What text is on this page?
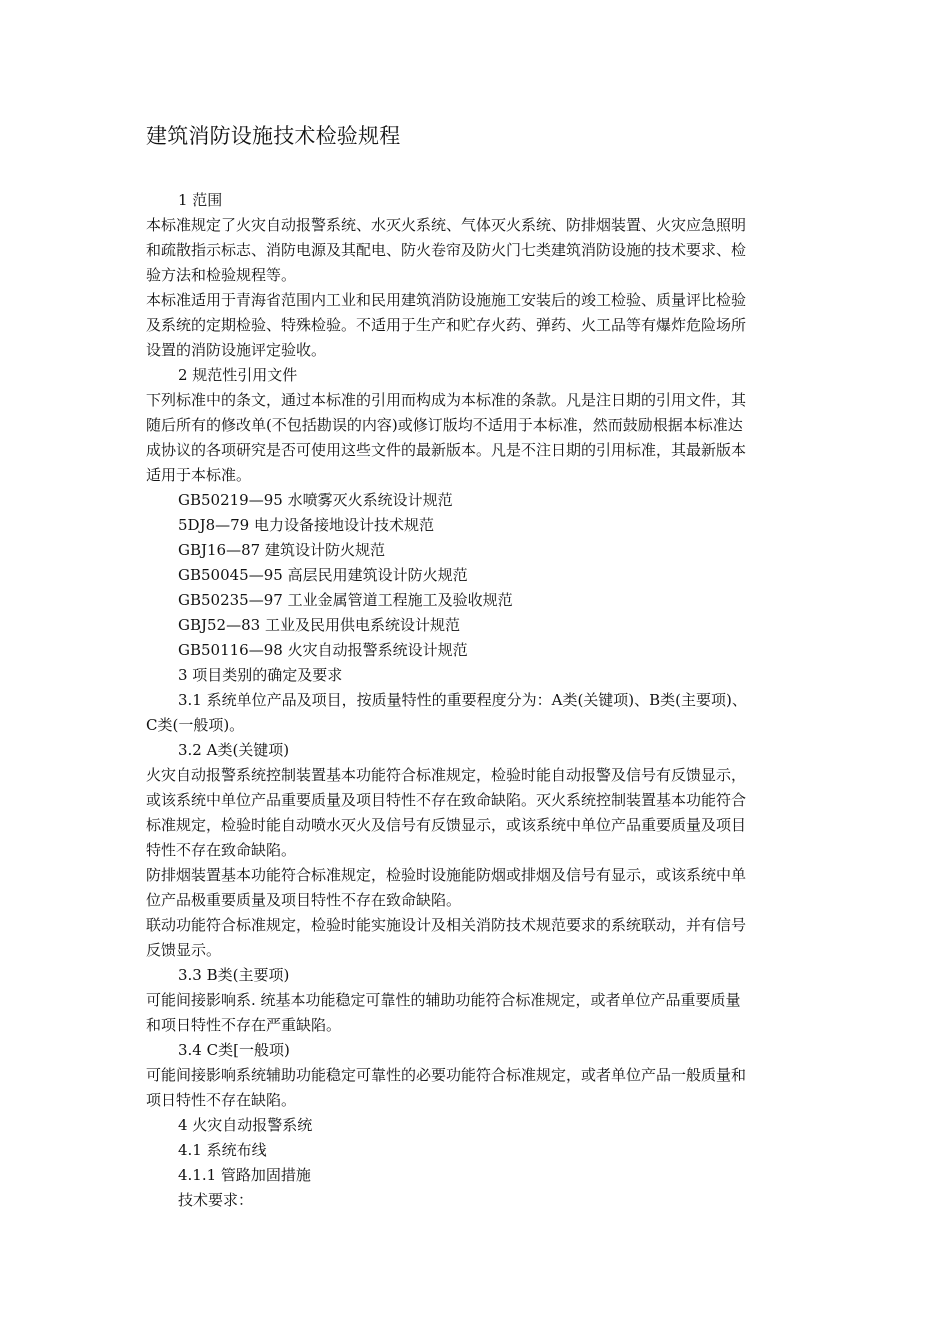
建筑消防设施技术检验规程
1 范围
本标准规定了火灾自动报警系统、水灭火系统、气体灭火系统、防排烟装置、火灾应急照明
和疏散指示标志、消防电源及其配电、防火卷帘及防火门七类建筑消防设施的技术要求、检
验方法和检验规程等。
本标准适用于青海省范围内工业和民用建筑消防设施施工安装后的竣工检验、质量评比检验
及系统的定期检验、特殊检验。不适用于生产和贮存火药、弹药、火工品等有爆炸危险场所
设置的消防设施评定验收。
2 规范性引用文件
下列标准中的条文，通过本标准的引用而构成为本标准的条款。凡是注日期的引用文件，其
随后所有的修改单(不包括勘误的内容)或修订版均不适用于本标准，然而鼓励根据本标准达
成协议的各项研究是否可使用这些文件的最新版本。凡是不注日期的引用标准，其最新版本
适用于本标准。
GB50219—95 水喷雾灭火系统设计规范
5DJ8—79 电力设备接地设计技术规范
GBJ16—87 建筑设计防火规范
GB50045—95 高层民用建筑设计防火规范
GB50235—97 工业金属管道工程施工及验收规范
GBJ52—83 工业及民用供电系统设计规范
GB50116—98 火灾自动报警系统设计规范
3 项目类别的确定及要求
3.1 系统单位产品及项目，按质量特性的重要程度分为：A类(关键项)、B类(主要项)、
C类(一般项)。
3.2 A类(关键项)
火灾自动报警系统控制装置基本功能符合标准规定，检验时能自动报警及信号有反馈显示，
或该系统中单位产品重要质量及项目特性不存在致命缺陷。灭火系统控制装置基本功能符合
标准规定，检验时能自动喷水灭火及信号有反馈显示，或该系统中单位产品重要质量及项目
特性不存在致命缺陷。
防排烟装置基本功能符合标准规定，检验时设施能防烟或排烟及信号有显示，或该系统中单
位产品极重要质量及项目特性不存在致命缺陷。
联动功能符合标准规定，检验时能实施设计及相关消防技术规范要求的系统联动，并有信号
反馈显示。
3.3 B类(主要项)
可能间接影响系. 统基本功能稳定可靠性的辅助功能符合标准规定，或者单位产品重要质量
和项日特性不存在严重缺陷。
3.4 C类[一般项)
可能间接影响系统辅助功能稳定可靠性的必要功能符合标准规定，或者单位产品一般质量和
项日特性不存在缺陷。
4 火灾自动报警系统
4.1 系统布线
4.1.1 管路加固措施
技术要求：
